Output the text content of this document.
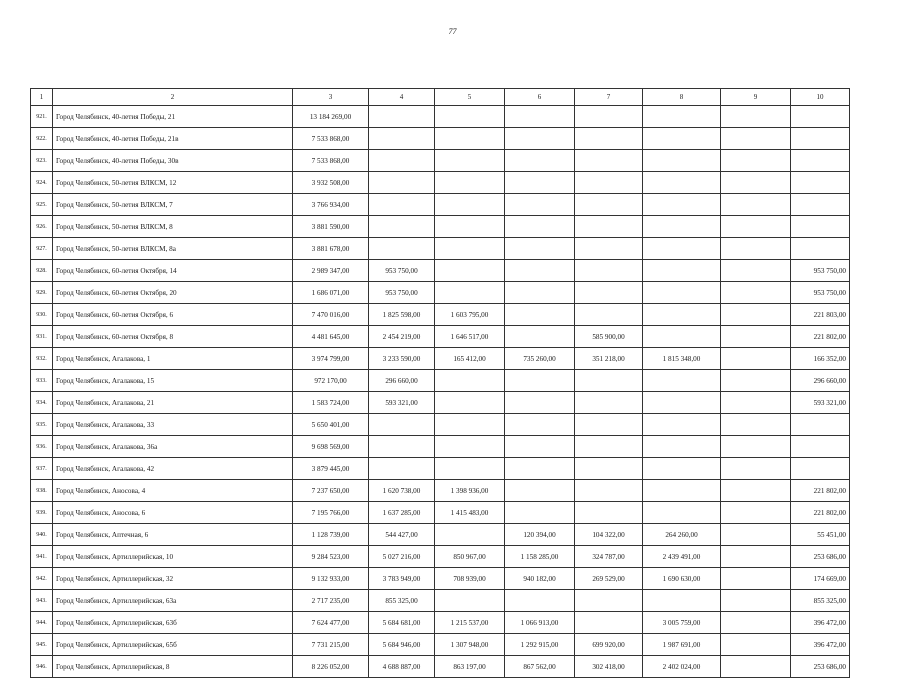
77
1	2	3	4	5	6	7	8	9	10
921.	Город Челябинск, 40-летия Победы, 21	13 184 269,00							
922.	Город Челябинск, 40-летия Победы, 21в	7 533 868,00							
923.	Город Челябинск, 40-летия Победы, 30в	7 533 868,00							
924.	Город Челябинск, 50-летия ВЛКСМ, 12	3 932 508,00							
925.	Город Челябинск, 50-летия ВЛКСМ, 7	3 766 934,00							
926.	Город Челябинск, 50-летия ВЛКСМ, 8	3 881 590,00							
927.	Город Челябинск, 50-летия ВЛКСМ, 8а	3 881 678,00							
928.	Город Челябинск, 60-летия Октября, 14	2 989 347,00	953 750,00						953 750,00
929.	Город Челябинск, 60-летия Октября, 20	1 686 071,00	953 750,00						953 750,00
930.	Город Челябинск, 60-летия Октября, 6	7 470 016,00	1 825 598,00	1 603 795,00					221 803,00
931.	Город Челябинск, 60-летия Октября, 8	4 481 645,00	2 454 219,00	1 646 517,00		585 900,00			221 802,00
932.	Город Челябинск, Агалакова, 1	3 974 799,00	3 233 590,00	165 412,00	735 260,00	351 218,00	1 815 348,00		166 352,00
933.	Город Челябинск, Агалакова, 15	972 170,00	296 660,00						296 660,00
934.	Город Челябинск, Агалакова, 21	1 583 724,00	593 321,00						593 321,00
935.	Город Челябинск, Агалакова, 33	5 650 401,00							
936.	Город Челябинск, Агалакова, 36а	9 698 569,00							
937.	Город Челябинск, Агалакова, 42	3 879 445,00							
938.	Город Челябинск, Аносова, 4	7 237 650,00	1 620 738,00	1 398 936,00					221 802,00
939.	Город Челябинск, Аносова, 6	7 195 766,00	1 637 285,00	1 415 483,00					221 802,00
940.	Город Челябинск, Аптечная, 6	1 128 739,00	544 427,00		120 394,00	104 322,00	264 260,00		55 451,00
941.	Город Челябинск, Артиллерийская, 10	9 284 523,00	5 027 216,00	850 967,00	1 158 285,00	324 787,00	2 439 491,00		253 686,00
942.	Город Челябинск, Артиллерийская, 32	9 132 933,00	3 783 949,00	708 939,00	940 182,00	269 529,00	1 690 630,00		174 669,00
943.	Город Челябинск, Артиллерийская, 63а	2 717 235,00	855 325,00						855 325,00
944.	Город Челябинск, Артиллерийская, 63б	7 624 477,00	5 684 681,00	1 215 537,00	1 066 913,00		3 005 759,00		396 472,00
945.	Город Челябинск, Артиллерийская, 65б	7 731 215,00	5 684 946,00	1 307 948,00	1 292 915,00	699 920,00	1 987 691,00		396 472,00
946.	Город Челябинск, Артиллерийская, 8	8 226 052,00	4 688 887,00	863 197,00	867 562,00	302 418,00	2 402 024,00		253 686,00
